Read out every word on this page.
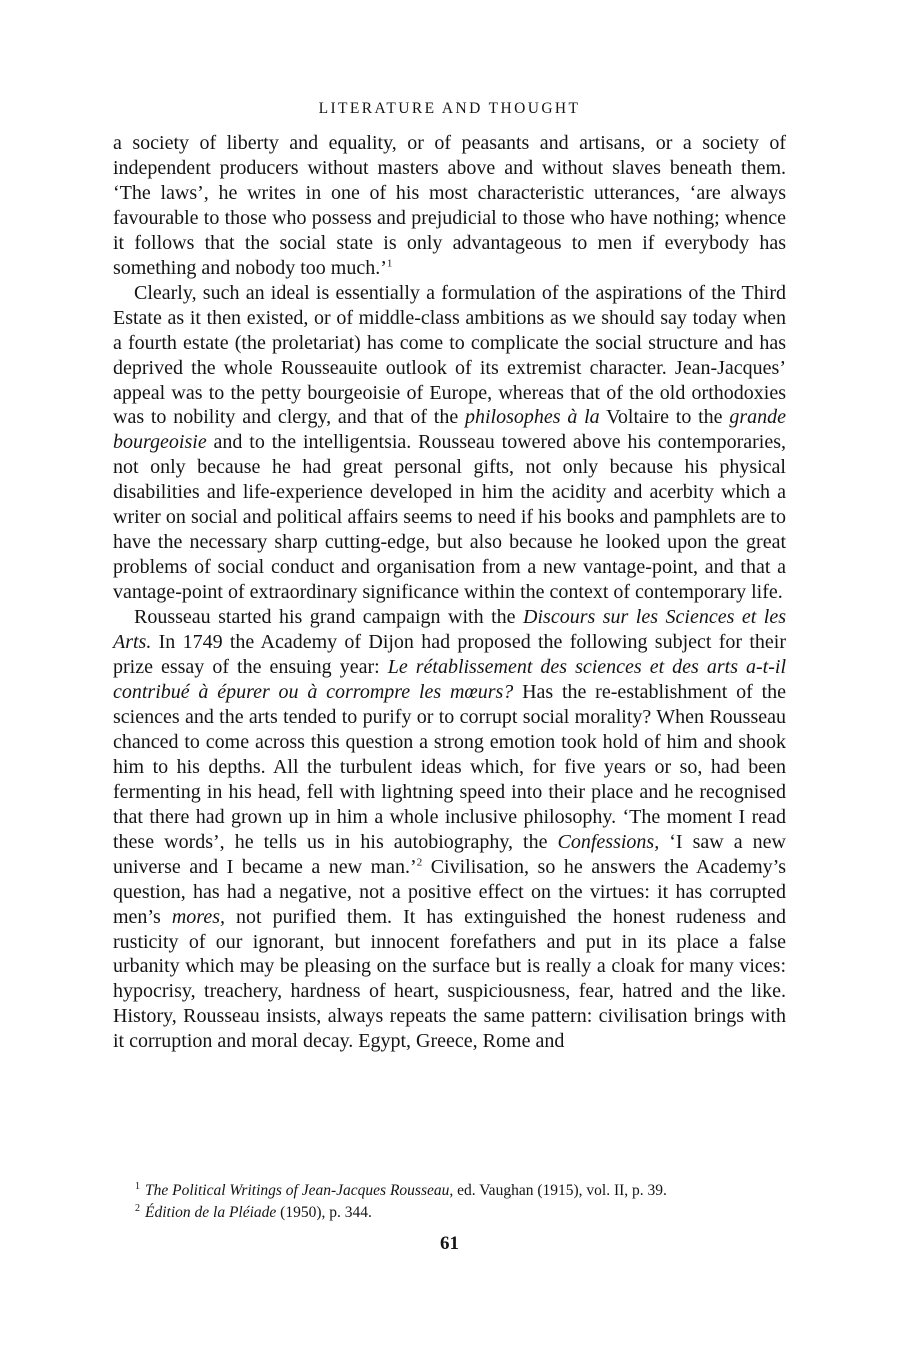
LITERATURE AND THOUGHT

a society of liberty and equality, or of peasants and artisans, or a society of independent producers without masters above and without slaves beneath them. ‘The laws’, he writes in one of his most characteristic utterances, ‘are always favourable to those who possess and prejudicial to those who have nothing; whence it follows that the social state is only advantageous to men if everybody has something and nobody too much.’$^1$

Clearly, such an ideal is essentially a formulation of the aspirations of the Third Estate as it then existed, or of middle-class ambitions as we should say today when a fourth estate (the proletariat) has come to complicate the social structure and has deprived the whole Rousseauite outlook of its extremist character. Jean-Jacques’ appeal was to the petty bourgeoisie of Europe, whereas that of the old orthodoxies was to nobility and clergy, and that of the philosophes à la Voltaire to the grande bourgeoisie and to the intelligentsia. Rousseau towered above his contemporaries, not only because he had great personal gifts, not only because his physical disabilities and life-experience developed in him the acidity and acerbity which a writer on social and political affairs seems to need if his books and pamphlets are to have the necessary sharp cutting-edge, but also because he looked upon the great problems of social conduct and organisation from a new vantage-point, and that a vantage-point of extraordinary significance within the context of contemporary life.

Rousseau started his grand campaign with the Discours sur les Sciences et les Arts. In 1749 the Academy of Dijon had proposed the following subject for their prize essay of the ensuing year: Le rétablissement des sciences et des arts a-t-il contribué à épurer ou à corrompre les mœurs? Has the re-establishment of the sciences and the arts tended to purify or to corrupt social morality? When Rousseau chanced to come across this question a strong emotion took hold of him and shook him to his depths. All the turbulent ideas which, for five years or so, had been fermenting in his head, fell with lightning speed into their place and he recognised that there had grown up in him a whole inclusive philosophy. ‘The moment I read these words’, he tells us in his autobiography, the Confessions, ‘I saw a new universe and I became a new man.’$^2$ Civilisation, so he answers the Academy’s question, has had a negative, not a positive effect on the virtues: it has corrupted men’s mores, not purified them. It has extinguished the honest rudeness and rusticity of our ignorant, but innocent forefathers and put in its place a false urbanity which may be pleasing on the surface but is really a cloak for many vices: hypocrisy, treachery, hardness of heart, suspiciousness, fear, hatred and the like. History, Rousseau insists, always repeats the same pattern: civilisation brings with it corruption and moral decay. Egypt, Greece, Rome and

$^1$ The Political Writings of Jean-Jacques Rousseau, ed. Vaughan (1915), vol. II, p. 39.

$^2$ Édition de la Pléiade (1950), p. 344.

61
